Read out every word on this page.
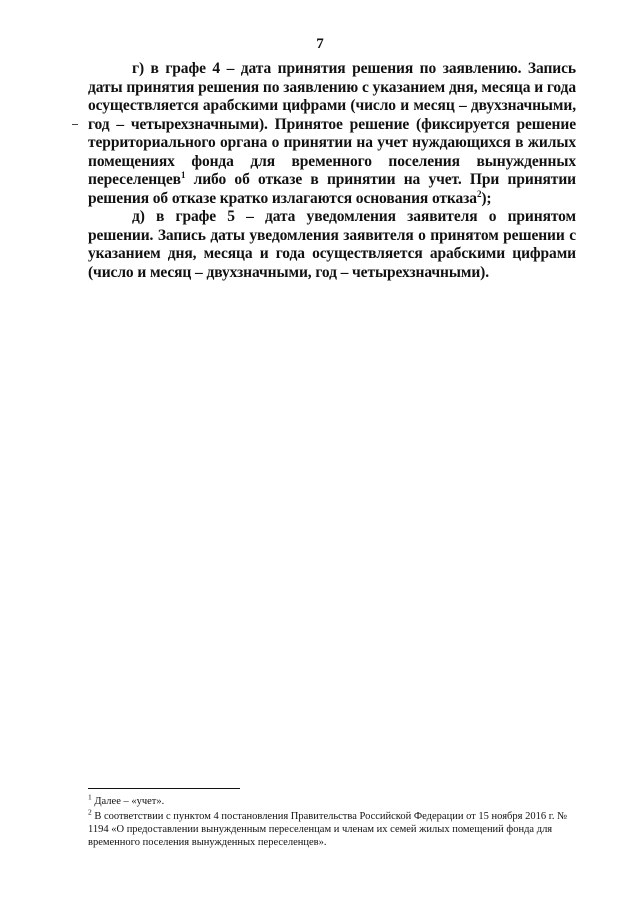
7

г) в графе 4 – дата принятия решения по заявлению. Запись даты принятия решения по заявлению с указанием дня, месяца и года осуществляется арабскими цифрами (число и месяц – двухзначными, год – четырехзначными). Принятое решение (фиксируется решение территориального органа о принятии на учет нуждающихся в жилых помещениях фонда для временного поселения вынужденных переселенцев$^1$ либо об отказе в принятии на учет. При принятии решения об отказе кратко излагаются основания отказа$^2$);

д) в графе 5 – дата уведомления заявителя о принятом решении. Запись даты уведомления заявителя о принятом решении с указанием дня, месяца и года осуществляется арабскими цифрами (число и месяц – двухзначными, год – четырехзначными).

$^1$ Далее – «учет».

$^2$ В соответствии с пунктом 4 постановления Правительства Российской Федерации от 15 ноября 2016 г. № 1194 «О предоставлении вынужденным переселенцам и членам их семей жилых помещений фонда для временного поселения вынужденных переселенцев».
